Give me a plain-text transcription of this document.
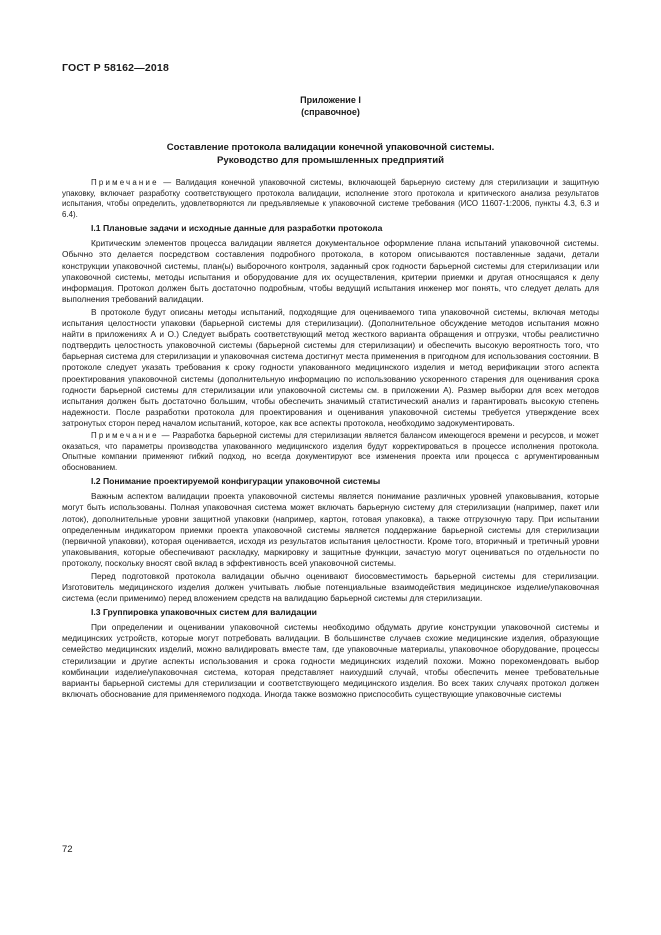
ГОСТ Р 58162—2018
Приложение I
(справочное)
Составление протокола валидации конечной упаковочной системы.
Руководство для промышленных предприятий

Примечание — Валидация конечной упаковочной системы, включающей барьерную систему для стерилизации и защитную упаковку, включает разработку соответствующего протокола валидации, исполнение этого протокола и критического анализа результатов испытания, чтобы определить, удовлетворяются ли предъявляемые к упаковочной системе требования (ИСО 11607-1:2006, пункты 4.3, 6.3 и 6.4).

I.1 Плановые задачи и исходные данные для разработки протокола

Критическим элементов процесса валидации является документальное оформление плана испытаний упаковочной системы. Обычно это делается посредством составления подробного протокола, в котором описываются поставленные задачи, детали конструкции упаковочной системы, план(ы) выборочного контроля, заданный срок годности барьерной системы для стерилизации или упаковочной системы, методы испытания и оборудование для их осуществления, критерии приемки и другая относящаяся к делу информация. Протокол должен быть достаточно подробным, чтобы ведущий испытания инженер мог понять, что следует делать для выполнения требований валидации.

В протоколе будут описаны методы испытаний, подходящие для оцениваемого типа упаковочной системы, включая методы испытания целостности упаковки (барьерной системы для стерилизации). (Дополнительное обсуждение методов испытания можно найти в приложениях А и О.) Следует выбрать соответствующий метод жесткого варианта обращения и отгрузки, чтобы реалистично подтвердить целостность упаковочной системы (барьерной системы для стерилизации) и обеспечить высокую вероятность того, что барьерная система для стерилизации и упаковочная система достигнут места применения в пригодном для использования состоянии. В протоколе следует указать требования к сроку годности упакованного медицинского изделия и метод верификации этого аспекта проектирования упаковочной системы (дополнительную информацию по использованию ускоренного старения для оценивания срока годности барьерной системы для стерилизации или упаковочной системы см. в приложении А). Размер выборки для всех методов испытания должен быть достаточно большим, чтобы обеспечить значимый статистический анализ и гарантировать высокую степень надежности. После разработки протокола для проектирования и оценивания упаковочной системы требуется утверждение всех затронутых сторон перед началом испытаний, которое, как все аспекты протокола, необходимо задокументировать.

Примечание — Разработка барьерной системы для стерилизации является балансом имеющегося времени и ресурсов, и может оказаться, что параметры производства упакованного медицинского изделия будут корректироваться в процессе исполнения протокола. Опытные компании применяют гибкий подход, но всегда документируют все изменения проекта или процесса с аргументированным обоснованием.

I.2 Понимание проектируемой конфигурации упаковочной системы

Важным аспектом валидации проекта упаковочной системы является понимание различных уровней упаковывания, которые могут быть использованы. Полная упаковочная система может включать барьерную систему для стерилизации (например, пакет или лоток), дополнительные уровни защитной упаковки (например, картон, готовая упаковка), а также отгрузочную тару. При испытании определенным индикатором приемки проекта упаковочной системы является поддержание барьерной системы для стерилизации (первичной упаковки), которая оценивается, исходя из результатов испытания целостности. Кроме того, вторичный и третичный уровни упаковывания, которые обеспечивают раскладку, маркировку и защитные функции, зачастую могут оцениваться по отдельности по протоколу, поскольку вносят свой вклад в эффективность всей упаковочной системы.

Перед подготовкой протокола валидации обычно оценивают биосовместимость барьерной системы для стерилизации. Изготовитель медицинского изделия должен учитывать любые потенциальные взаимодействия медицинское изделие/упаковочная система (если применимо) перед вложением средств на валидацию барьерной системы для стерилизации.

I.3 Группировка упаковочных систем для валидации

При определении и оценивании упаковочной системы необходимо обдумать другие конструкции упаковочной системы и медицинских устройств, которые могут потребовать валидации. В большинстве случаев схожие медицинские изделия, образующие семейство медицинских изделий, можно валидировать вместе там, где упаковочные материалы, упаковочное оборудование, процессы стерилизации и другие аспекты использования и срока годности медицинских изделий похожи. Можно порекомендовать выбор комбинации изделие/упаковочная система, которая представляет наихудший случай, чтобы обеспечить менее требовательные варианты барьерной системы для стерилизации и соответствующего медицинского изделия. Во всех таких случаях протокол должен включать обоснование для применяемого подхода. Иногда также возможно приспособить существующие упаковочные системы

72
